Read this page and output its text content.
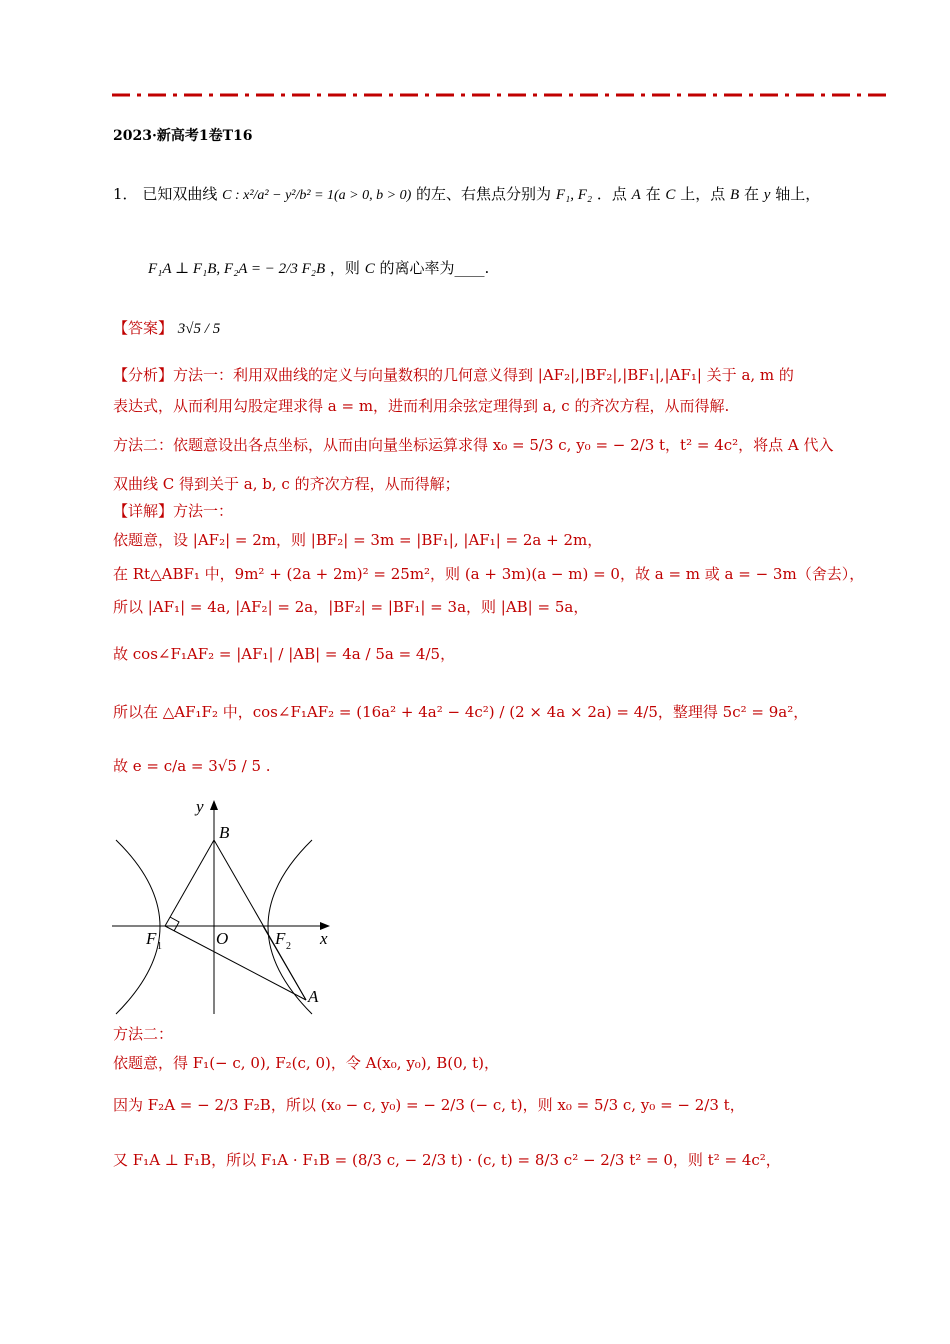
2023·新高考1卷T16
1． 已知双曲线 C : x²/a² − y²/b² = 1(a > 0, b > 0) 的左、右焦点分别为 F₁, F₂ ．点 A 在 C 上，点 B 在 y 轴上，
F₁A ⊥ F₁B, F₂A = − 2/3 F₂B ，则 C 的离心率为____.
【答案】 3√5 / 5
【分析】方法一：利用双曲线的定义与向量数积的几何意义得到 |AF₂|,|BF₂|,|BF₁|,|AF₁| 关于 a, m 的
表达式，从而利用勾股定理求得 a = m，进而利用余弦定理得到 a, c 的齐次方程，从而得解.
方法二：依题意设出各点坐标，从而由向量坐标运算求得 x₀ = 5/3 c, y₀ = − 2/3 t，t² = 4c²，将点 A 代入
双曲线 C 得到关于 a, b, c 的齐次方程，从而得解；
【详解】方法一：
依题意，设 |AF₂| = 2m，则 |BF₂| = 3m = |BF₁|, |AF₁| = 2a + 2m，
在 Rt△ABF₁ 中，9m² + (2a + 2m)² = 25m²，则 (a + 3m)(a − m) = 0，故 a = m 或 a = − 3m（舍去），
所以 |AF₁| = 4a, |AF₂| = 2a，|BF₂| = |BF₁| = 3a，则 |AB| = 5a，
故 cos∠F₁AF₂ = |AF₁| / |AB| = 4a / 5a = 4/5，
所以在 △AF₁F₂ 中，cos∠F₁AF₂ = (16a² + 4a² − 4c²) / (2 × 4a × 2a) = 4/5，整理得 5c² = 9a²，
故 e = c/a = 3√5 / 5 .
y
x
B
O
F 1	F 2
A
方法二：
依题意，得 F₁(− c, 0), F₂(c, 0)，令 A(x₀, y₀), B(0, t)，
因为 F₂A = − 2/3 F₂B，所以 (x₀ − c, y₀) = − 2/3 (− c, t)，则 x₀ = 5/3 c, y₀ = − 2/3 t，
又 F₁A ⊥ F₁B，所以 F₁A · F₁B = (8/3 c, − 2/3 t) · (c, t) = 8/3 c² − 2/3 t² = 0，则 t² = 4c²，
